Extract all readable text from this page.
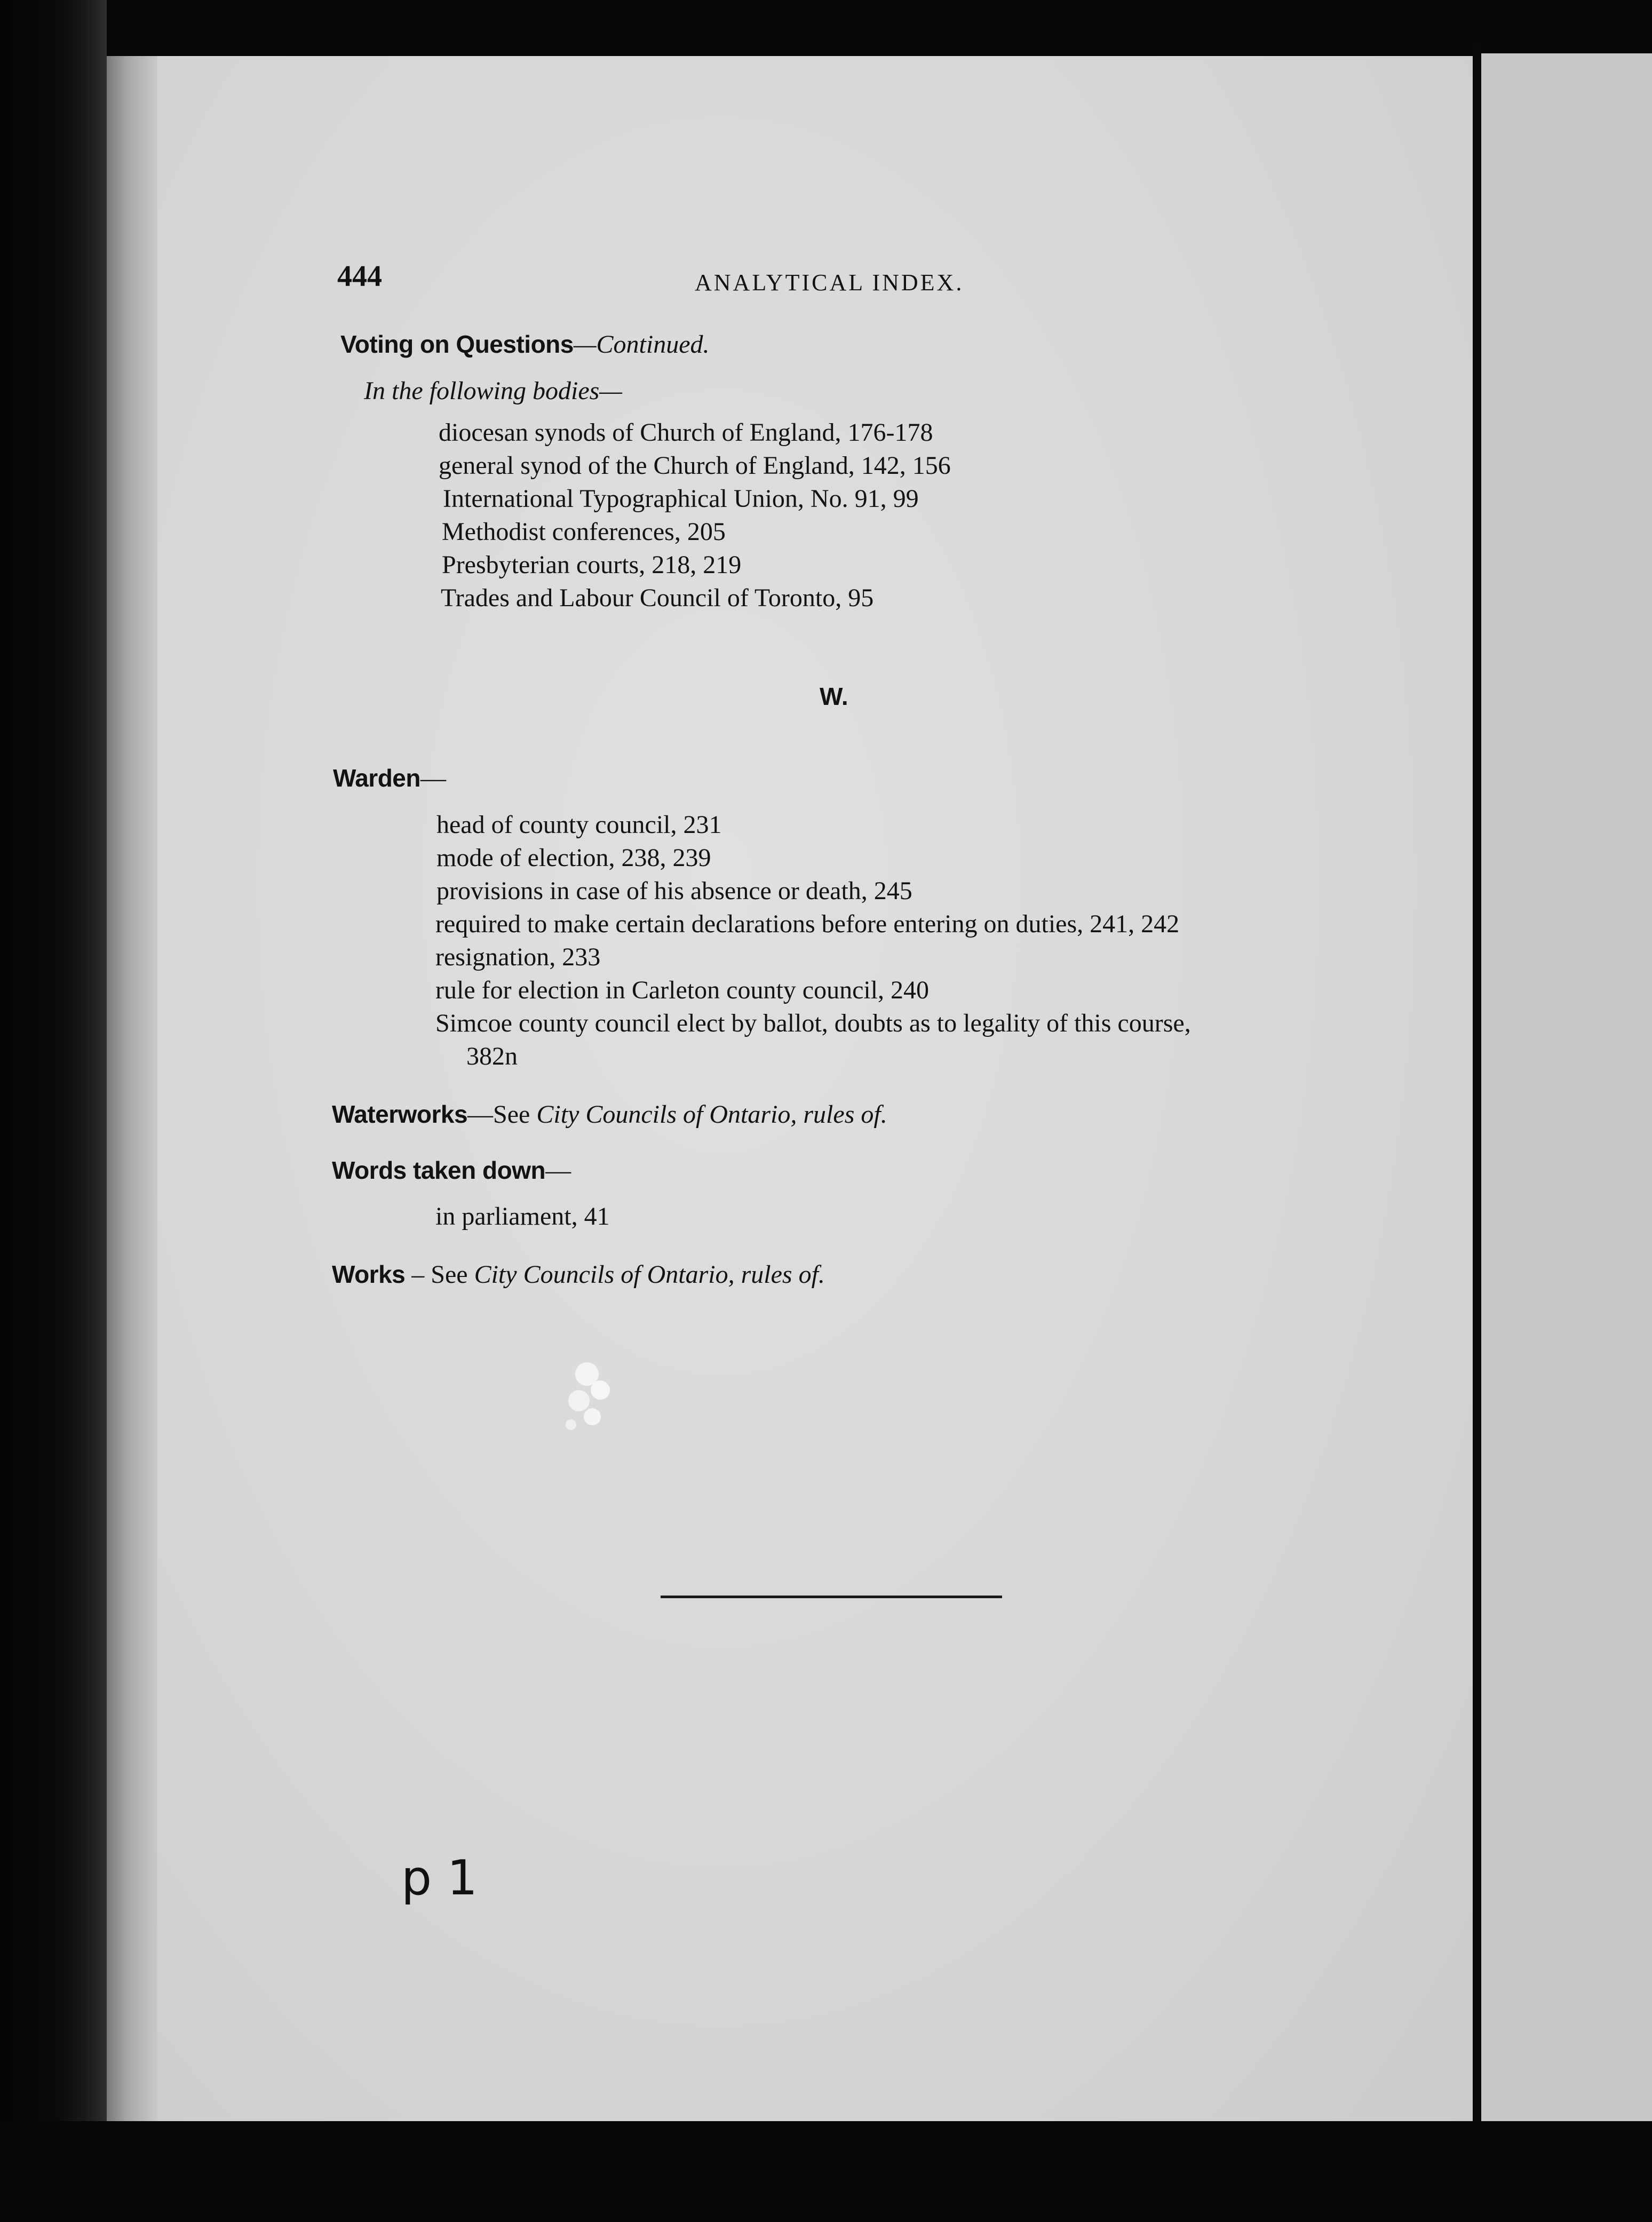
444	ANALYTICAL INDEX.
Voting on Questions—Continued.
In the following bodies—
diocesan synods of Church of England, 176-178
general synod of the Church of England, 142, 156
International Typographical Union, No. 91, 99
Methodist conferences, 205
Presbyterian courts, 218, 219
Trades and Labour Council of Toronto, 95
W.
Warden—
head of county council, 231
mode of election, 238, 239
provisions in case of his absence or death, 245
required to make certain declarations before entering on duties, 241, 242
resignation, 233
rule for election in Carleton county council, 240
Simcoe county council elect by ballot, doubts as to legality of this course,
382n
Waterworks—See City Councils of Ontario, rules of.
Words taken down—
in parliament, 41
Works – See City Councils of Ontario, rules of.
p 1
